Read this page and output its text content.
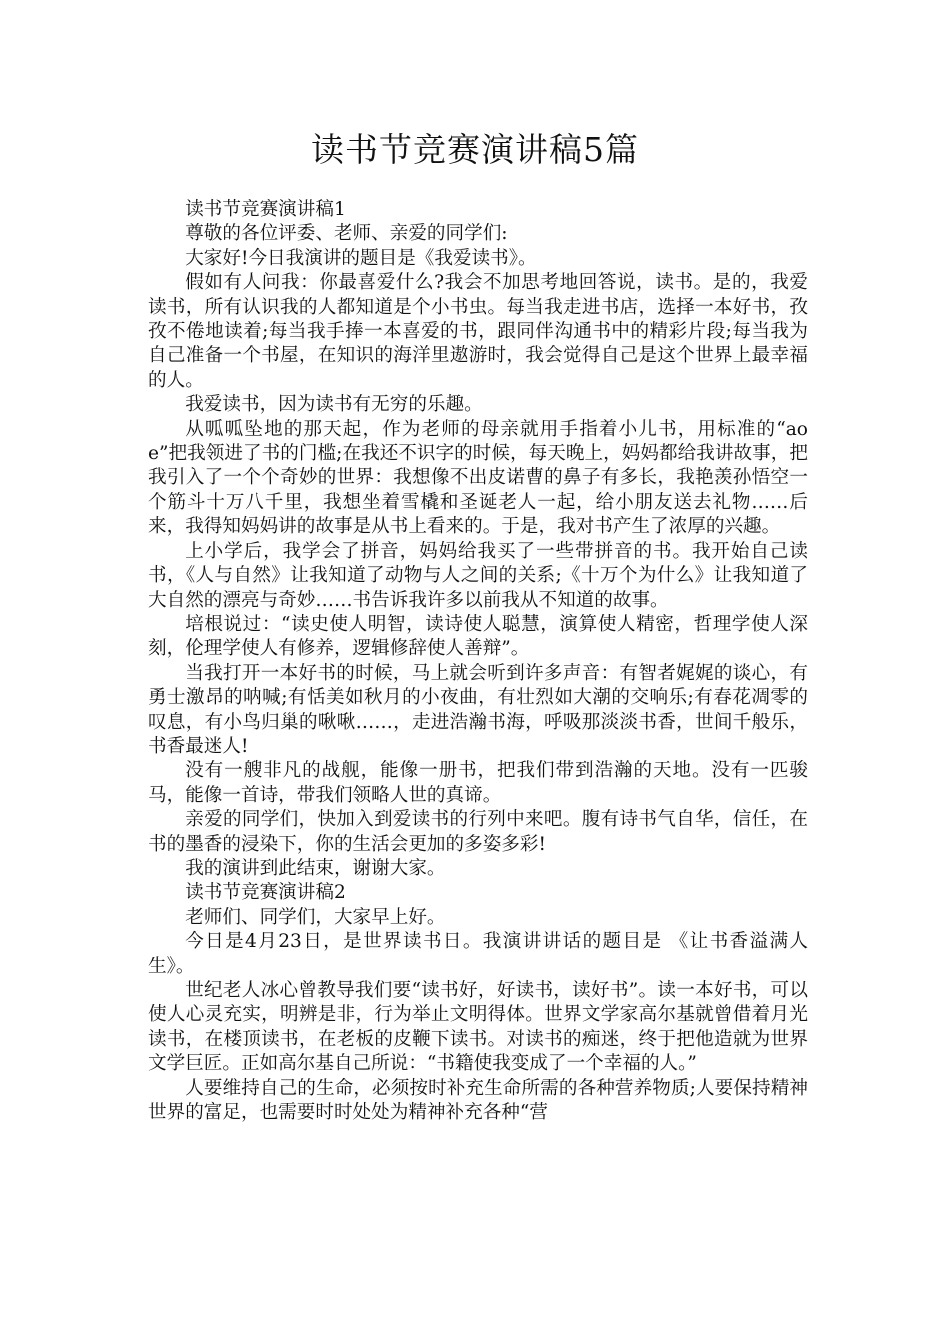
读书节竞赛演讲稿5篇

读书节竞赛演讲稿1

尊敬的各位评委、老师、亲爱的同学们:

大家好!今日我演讲的题目是《我爱读书》。

假如有人问我：你最喜爱什么?我会不加思考地回答说，读书。是的，我爱读书，所有认识我的人都知道是个小书虫。每当我走进书店，选择一本好书，孜孜不倦地读着;每当我手捧一本喜爱的书，跟同伴沟通书中的精彩片段;每当我为自己准备一个书屋，在知识的海洋里遨游时，我会觉得自己是这个世界上最幸福的人。

我爱读书，因为读书有无穷的乐趣。

从呱呱坠地的那天起，作为老师的母亲就用手指着小儿书，用标准的“aoe”把我领进了书的门槛;在我还不识字的时候，每天晚上，妈妈都给我讲故事，把我引入了一个个奇妙的世界：我想像不出皮诺曹的鼻子有多长，我艳羡孙悟空一个筋斗十万八千里，我想坐着雪橇和圣诞老人一起，给小朋友送去礼物……后来，我得知妈妈讲的故事是从书上看来的。于是，我对书产生了浓厚的兴趣。

上小学后，我学会了拼音，妈妈给我买了一些带拼音的书。我开始自己读书，《人与自然》让我知道了动物与人之间的关系;《十万个为什么》让我知道了大自然的漂亮与奇妙……书告诉我许多以前我从不知道的故事。

培根说过：“读史使人明智，读诗使人聪慧，演算使人精密，哲理学使人深刻，伦理学使人有修养，逻辑修辞使人善辩”。

当我打开一本好书的时候，马上就会听到许多声音：有智者娓娓的谈心，有勇士激昂的呐喊;有恬美如秋月的小夜曲，有壮烈如大潮的交响乐;有春花凋零的叹息，有小鸟归巢的啾啾……，走进浩瀚书海，呼吸那淡淡书香，世间千般乐，书香最迷人!

没有一艘非凡的战舰，能像一册书，把我们带到浩瀚的天地。没有一匹骏马，能像一首诗，带我们领略人世的真谛。

亲爱的同学们，快加入到爱读书的行列中来吧。腹有诗书气自华，信任，在书的墨香的浸染下，你的生活会更加的多姿多彩!

我的演讲到此结束，谢谢大家。

读书节竞赛演讲稿2

老师们、同学们，大家早上好。

今日是4月23日，是世界读书日。我演讲讲话的题目是 《让书香溢满人生》。

世纪老人冰心曾教导我们要“读书好，好读书，读好书”。读一本好书，可以使人心灵充实，明辨是非，行为举止文明得体。世界文学家高尔基就曾借着月光读书，在楼顶读书，在老板的皮鞭下读书。对读书的痴迷，终于把他造就为世界文学巨匠。正如高尔基自己所说：“书籍使我变成了一个幸福的人。”

人要维持自己的生命，必须按时补充生命所需的各种营养物质;人要保持精神世界的富足，也需要时时处处为精神补充各种“营
